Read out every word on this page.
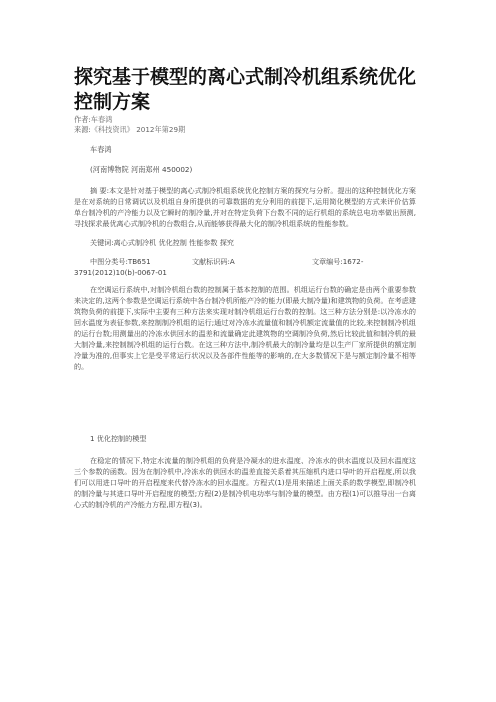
探究基于模型的离心式制冷机组系统优化控制方案
作者:车春鸿
来源:《科技资讯》 2012年第29期
车春鸿
(河南博物院 河南郑州 450002)

摘 要:本文是针对基于模型的离心式制冷机组系统优化控制方案的探究与分析。提出的这种控制优化方案是在对系统的日常调试以及机组自身所提供的可靠数据的充分利用的前提下,运用简化模型的方式来评价估算单台制冷机的产冷能力以及它瞬时的制冷量,并对在特定负荷下台数不同的运行机组的系统总电功率做出预测,寻找探求最优离心式制冷机的台数组合,从而能够获得最大化的制冷机组系统的性能参数。

关键词:离心式制冷机 优化控制 性能参数 探究

中图分类号:TB651	文献标识码:A	文章编号:1672-
3791(2012)10(b)-0067-01

在空调运行系统中,对制冷机组台数的控制属于基本控制的范围。机组运行台数的确定是由两个重要参数来决定的,这两个参数是空调运行系统中各台制冷机所能产冷的能力(即最大制冷量)和建筑物的负荷。在考虑建筑物负荷的前提下,实际中主要有三种方法来实现对制冷机组运行台数的控制。这三种方法分别是:以冷冻水的回水温度为表征参数,来控制制冷机组的运行;通过对冷冻水流量值和制冷机额定流量值的比较,来控制制冷机组的运行台数;用测量出的冷冻水供回水的温差和流量确定此建筑物的空调制冷负荷,然后比较此值和制冷机的最大制冷量,来控制制冷机组的运行台数。在这三种方法中,制冷机最大的制冷量均是以生产厂家所提供的额定制冷量为准的,但事实上它是受平常运行状况以及各部件性能等的影响的,在大多数情况下是与额定制冷量不相等的。

1 优化控制的模型

在稳定的情况下,特定水流量的制冷机组的负荷是冷凝水的进水温度、冷冻水的供水温度以及回水温度这三个参数的函数。因为在制冷机中,冷冻水的供回水的温差直接关系着其压缩机内进口导叶的开启程度,所以我们可以用进口导叶的开启程度来代替冷冻水的回水温度。方程式(1)是用来描述上面关系的数学模型,即制冷机的制冷量与其进口导叶开启程度的模型;方程(2)是制冷机电功率与制冷量的模型。由方程(1)可以推导出一台离心式的制冷机的产冷能力方程,即方程(3)。
